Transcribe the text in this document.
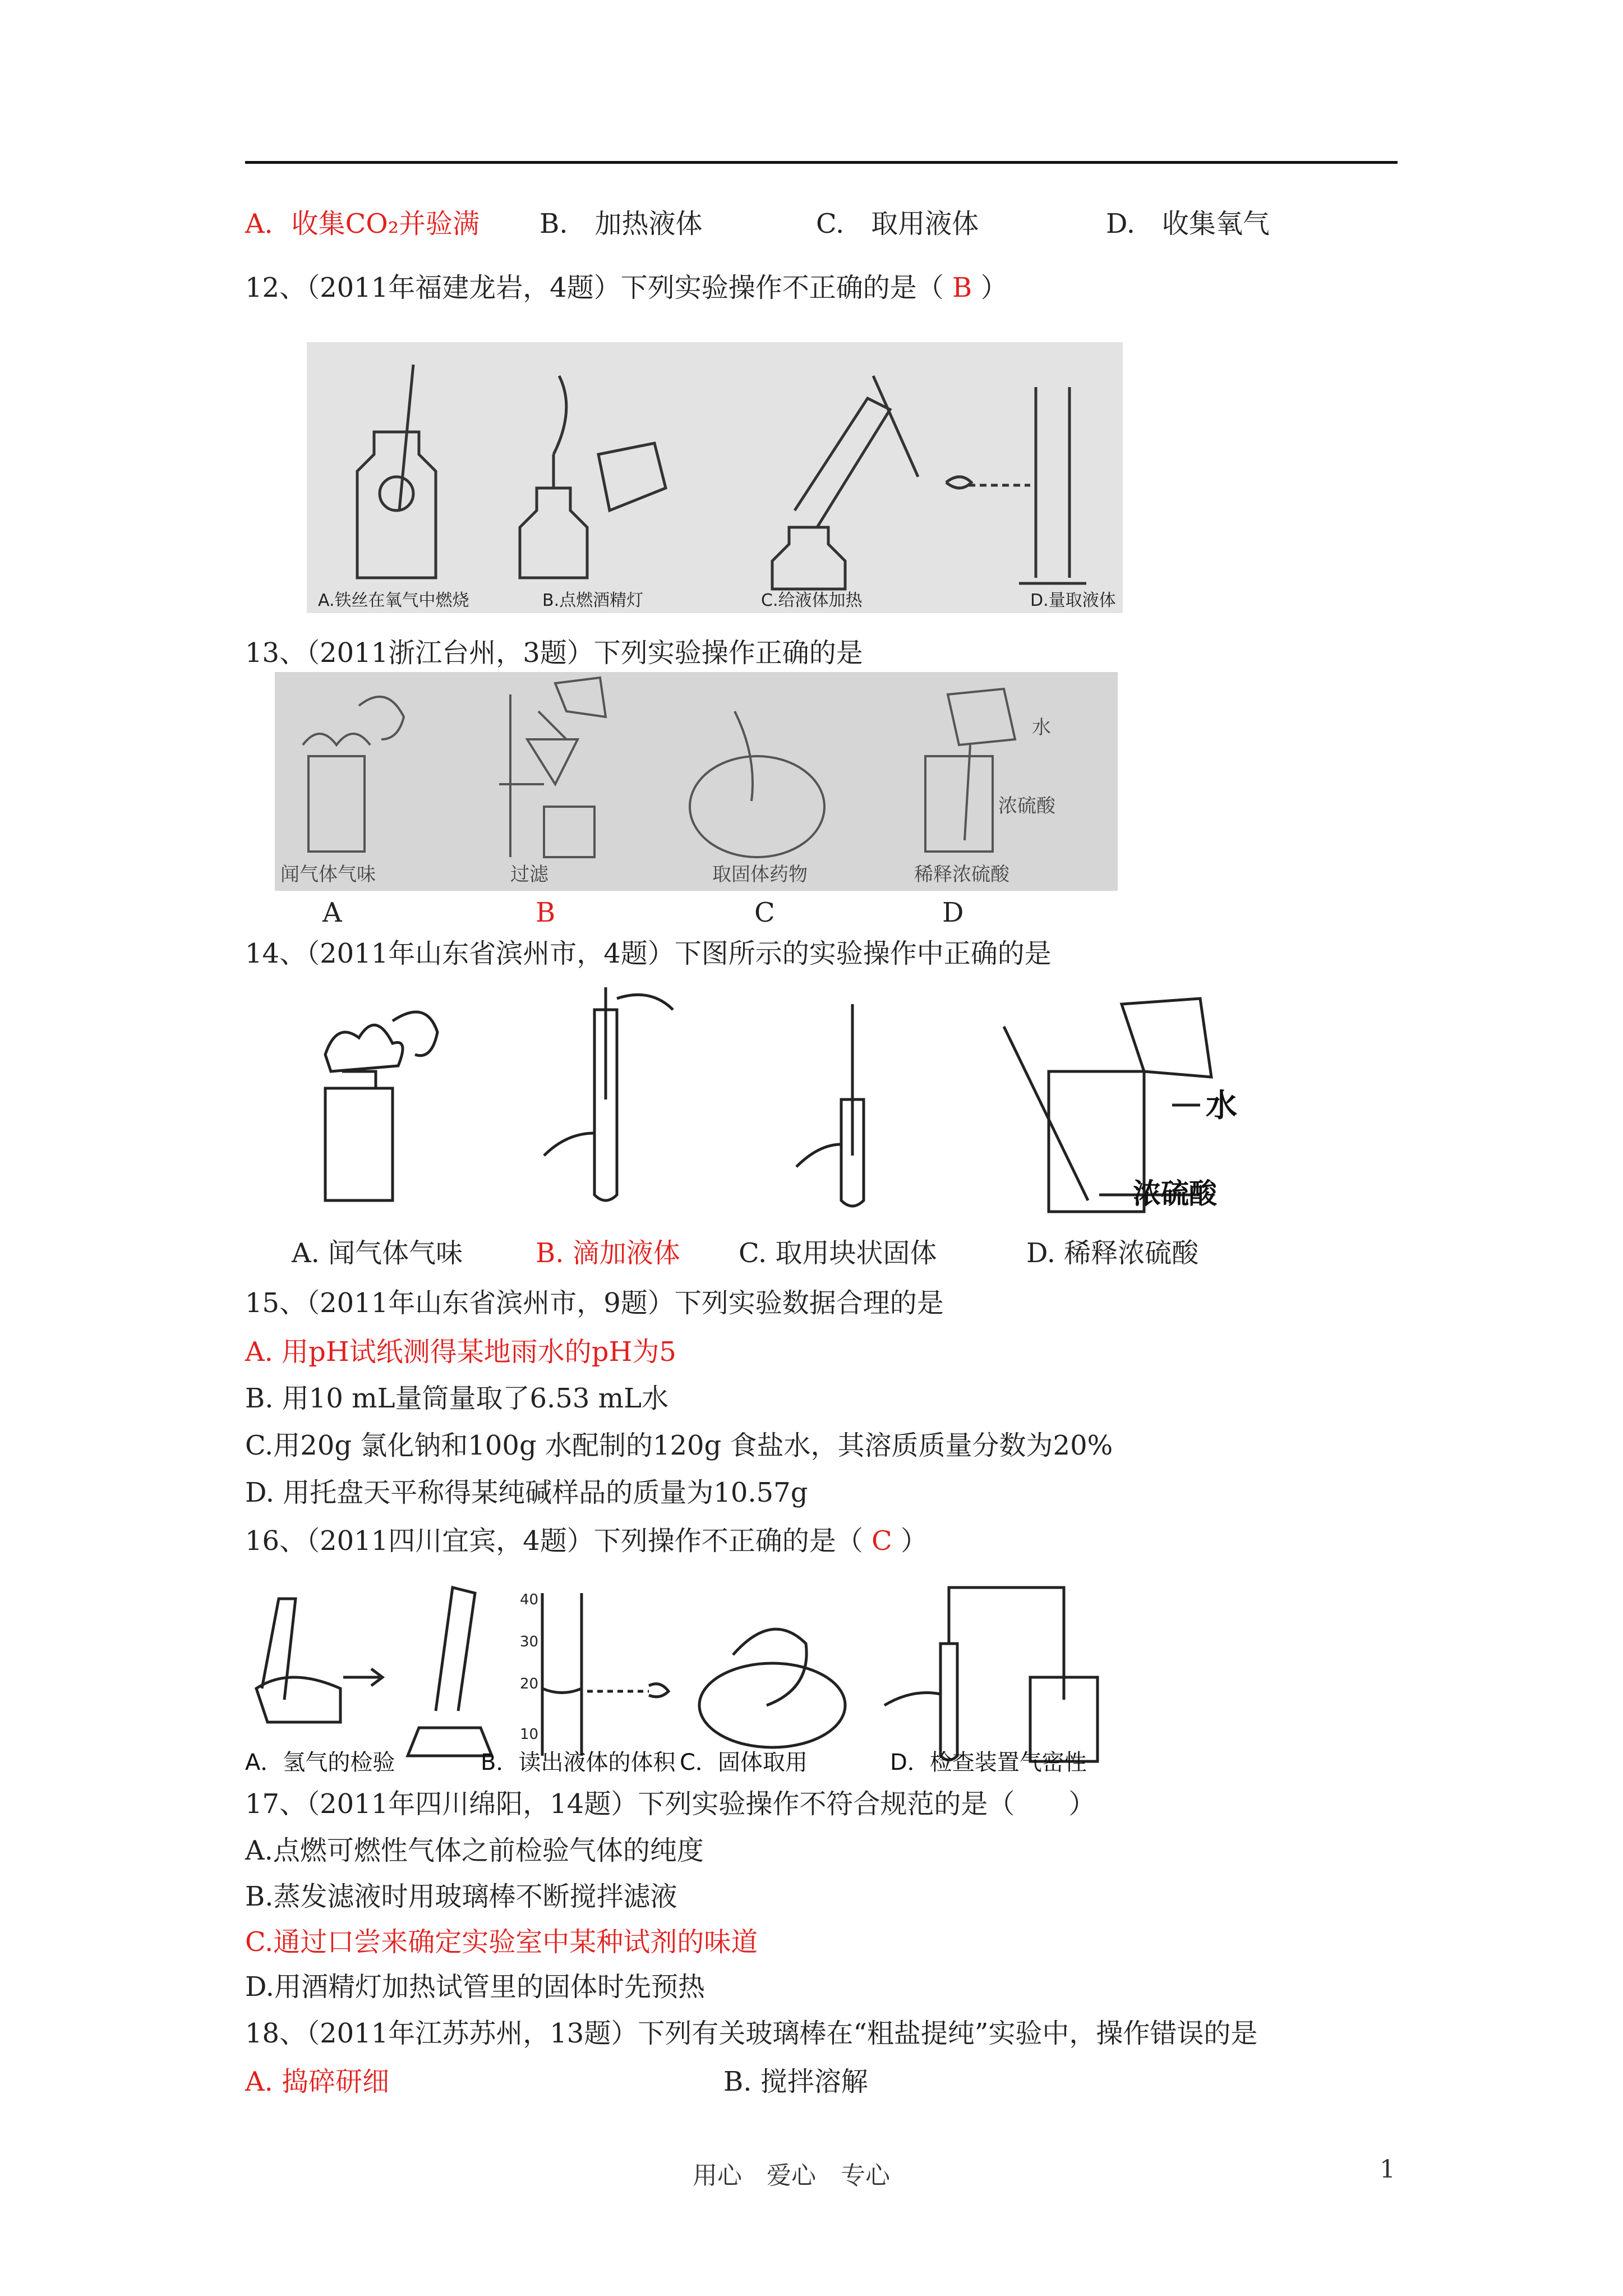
A．收集CO₂并验满 B.　加热液体	C.　取用液体	D.　收集氧气
12、（2011年福建龙岩，4题）下列实验操作不正确的是（ B ）
A.铁丝在氧气中燃烧	B.点燃酒精灯	C.给液体加热	D.量取液体
13、（2011浙江台州，3题）下列实验操作正确的是
水
浓硫酸
闻气体气味	过滤	取固体药物	稀释浓硫酸
A	B	C	D
14、（2011年山东省滨州市，4题）下图所示的实验操作中正确的是
水
浓硫酸
A. 闻气体气味	B. 滴加液体 C. 取用块状固体	D. 稀释浓硫酸
15、（2011年山东省滨州市，9题）下列实验数据合理的是
A. 用pH试纸测得某地雨水的pH为5
B. 用10 mL量筒量取了6.53 mL水
C.用20g 氯化钠和100g 水配制的120g 食盐水，其溶质质量分数为20%
D. 用托盘天平称得某纯碱样品的质量为10.57g
16、（2011四川宜宾，4题）下列操作不正确的是（ C ）
40
30
20
10
A．氢气的检验	B．读出液体的体积 C．固体取用	D．检查装置气密性
17、（2011年四川绵阳，14题）下列实验操作不符合规范的是（　　）
A.点燃可燃性气体之前检验气体的纯度
B.蒸发滤液时用玻璃棒不断搅拌滤液
C.通过口尝来确定实验室中某种试剂的味道
D.用酒精灯加热试管里的固体时先预热
18、（2011年江苏苏州，13题）下列有关玻璃棒在“粗盐提纯”实验中，操作错误的是
A. 捣碎研细	B. 搅拌溶解
用心　爱心　专心	1
